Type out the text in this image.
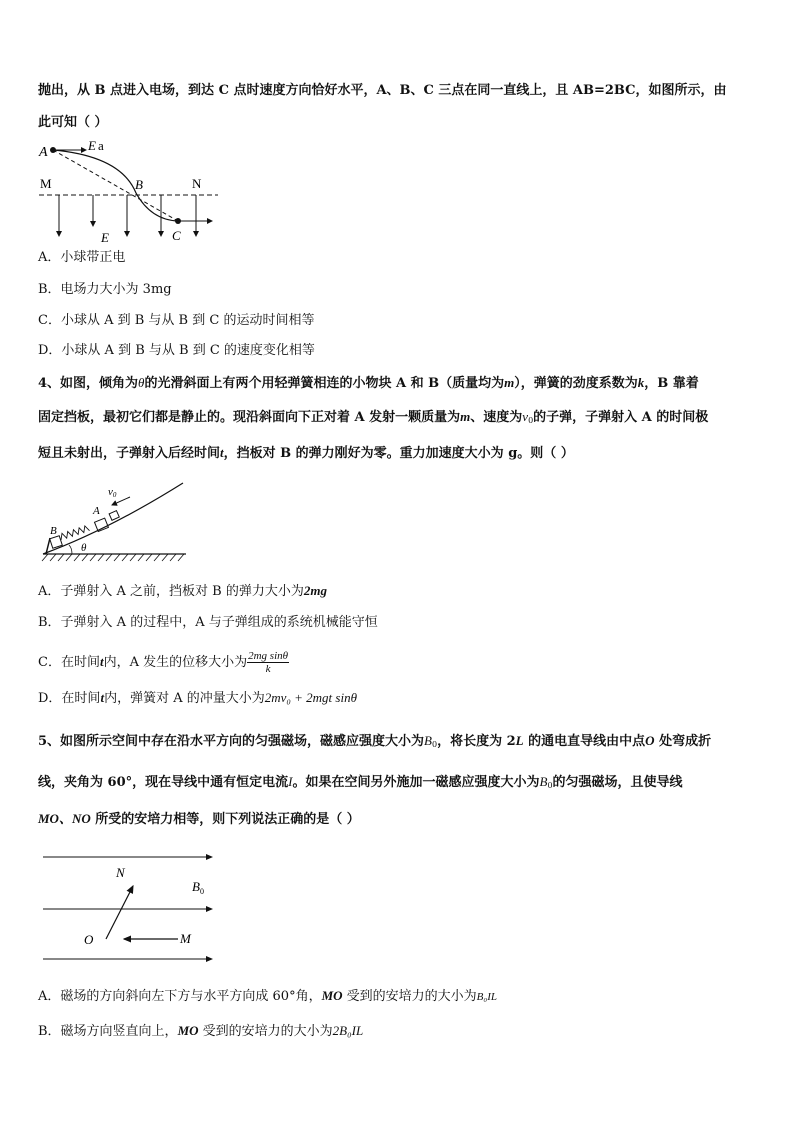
抛出，从 B 点进入电场，到达 C 点时速度方向恰好水平，A、B、C 三点在同一直线上，且 AB=2BC，如图所示，由
此可知（ ）
A	E a
M	B	N
E	C
A．小球带正电
B．电场力大小为 3mg
C．小球从 A 到 B 与从 B 到 C 的运动时间相等
D．小球从 A 到 B 与从 B 到 C 的速度变化相等
4、如图，倾角为θ的光滑斜面上有两个用轻弹簧相连的小物块 A 和 B（质量均为m），弹簧的劲度系数为k，B 靠着
固定挡板，最初它们都是静止的。现沿斜面向下正对着 A 发射一颗质量为m、速度为$v_0$的子弹，子弹射入 A 的时间极
短且未射出，子弹射入后经时间t，挡板对 B 的弹力刚好为零。重力加速度大小为 g。则（ ）
v0
A
B
θ
A．子弹射入 A 之前，挡板对 B 的弹力大小为2mg
B．子弹射入 A 的过程中，A 与子弹组成的系统机械能守恒
C．在时间t内，A 发生的位移大小为 $\frac{\text{2mg sinθ}}{k}$
D．在时间t内，弹簧对 A 的冲量大小为2mv₀ + 2mgt sinθ
5、如图所示空间中存在沿水平方向的匀强磁场，磁感应强度大小为$B_0$，将长度为 2L 的通电直导线由中点O 处弯成折
线，夹角为 60°，现在导线中通有恒定电流I。如果在空间另外施加一磁感应强度大小为$B_0$的匀强磁场，且使导线
MO、NO 所受的安培力相等，则下列说法正确的是（ ）
N
$B_0$
O	M
A．磁场的方向斜向左下方与水平方向成 60°角，MO 受到的安培力的大小为B₀IL
B．磁场方向竖直向上，MO 受到的安培力的大小为2B₀IL
